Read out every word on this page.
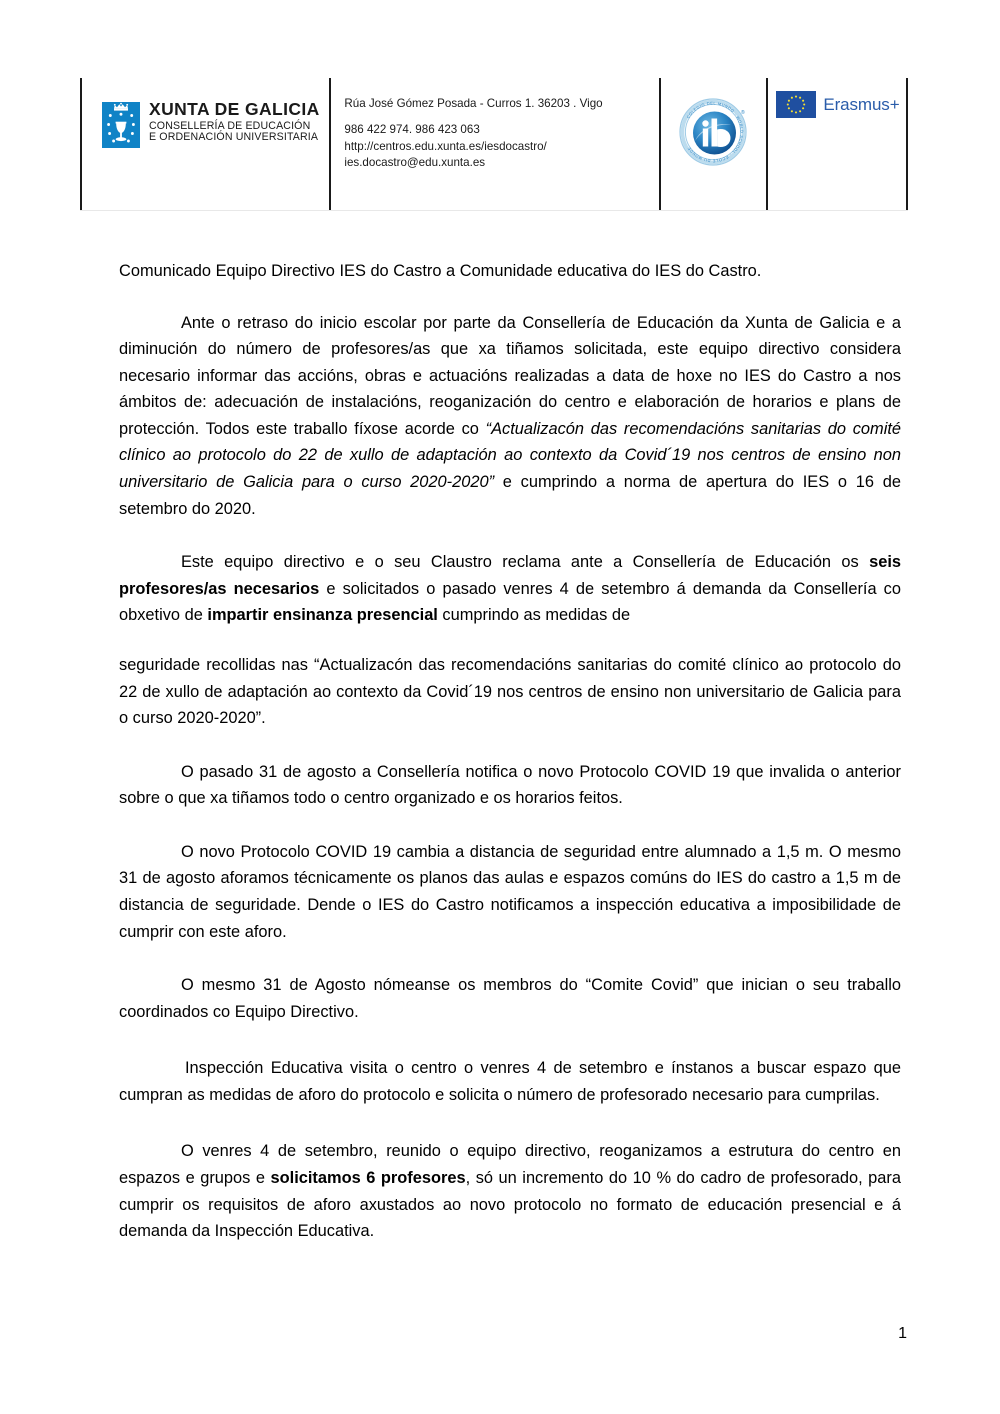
XUNTA DE GALICIA
CONSELLERÍA DE EDUCACIÓN
E ORDENACIÓN UNIVERSITARIA
Rúa José Gómez Posada - Curros 1. 36203 . Vigo
986 422 974. 986 423 063
http://centros.edu.xunta.es/iesdocastro/
ies.docastro@edu.xunta.es
COLEGIO DEL MUNDO · WORLD SCHOOL · ÉCOLE DU MONDE
®	Erasmus+

Comunicado Equipo Directivo IES do Castro a Comunidade educativa do IES do Castro.

Ante o retraso do inicio escolar por parte da Consellería de Educación da Xunta de Galicia e a diminución do número de profesores/as que xa tiñamos solicitada, este equipo directivo considera necesario informar das accións, obras e actuacións realizadas a data de hoxe no IES do Castro a nos ámbitos de: adecuación de instalacións, reoganización do centro e elaboración de horarios e plans de protección. Todos este traballo fíxose acorde co “Actualizacón das recomendacións sanitarias do comité clínico ao protocolo do 22 de xullo de adaptación ao contexto da Covid´19 nos centros de ensino non universitario de Galicia para o curso 2020-2020” e cumprindo a norma de apertura do IES o 16 de setembro do 2020.

Este equipo directivo e o seu Claustro reclama ante a Consellería de Educación os seis profesores/as necesarios e solicitados o pasado venres 4 de setembro á demanda da Consellería co obxetivo de impartir ensinanza presencial cumprindo as medidas de

seguridade recollidas nas “Actualizacón das recomendacións sanitarias do comité clínico ao protocolo do 22 de xullo de adaptación ao contexto da Covid´19 nos centros de ensino non universitario de Galicia para o curso 2020-2020”.

O pasado 31 de agosto a Consellería notifica o novo Protocolo COVID 19 que invalida o anterior sobre o que xa tiñamos todo o centro organizado e os horarios feitos.

O novo Protocolo COVID 19 cambia a distancia de seguridad entre alumnado a 1,5 m. O mesmo 31 de agosto aforamos técnicamente os planos das aulas e espazos comúns do IES do castro a 1,5 m de distancia de seguridade. Dende o IES do Castro notificamos a inspección educativa a imposibilidade de cumprir con este aforo.

O mesmo 31 de Agosto nómeanse os membros do “Comite Covid” que inician o seu traballo coordinados co Equipo Directivo.

Inspección Educativa visita o centro o venres 4 de setembro e ínstanos a buscar espazo que cumpran as medidas de aforo do protocolo e solicita o número de profesorado necesario para cumprilas.

O venres 4 de setembro, reunido o equipo directivo, reoganizamos a estrutura do centro en espazos e grupos e solicitamos 6 profesores, só un incremento do 10 % do cadro de profesorado, para cumprir os requisitos de aforo axustados ao novo protocolo no formato de educación presencial e á demanda da Inspección Educativa.

1
